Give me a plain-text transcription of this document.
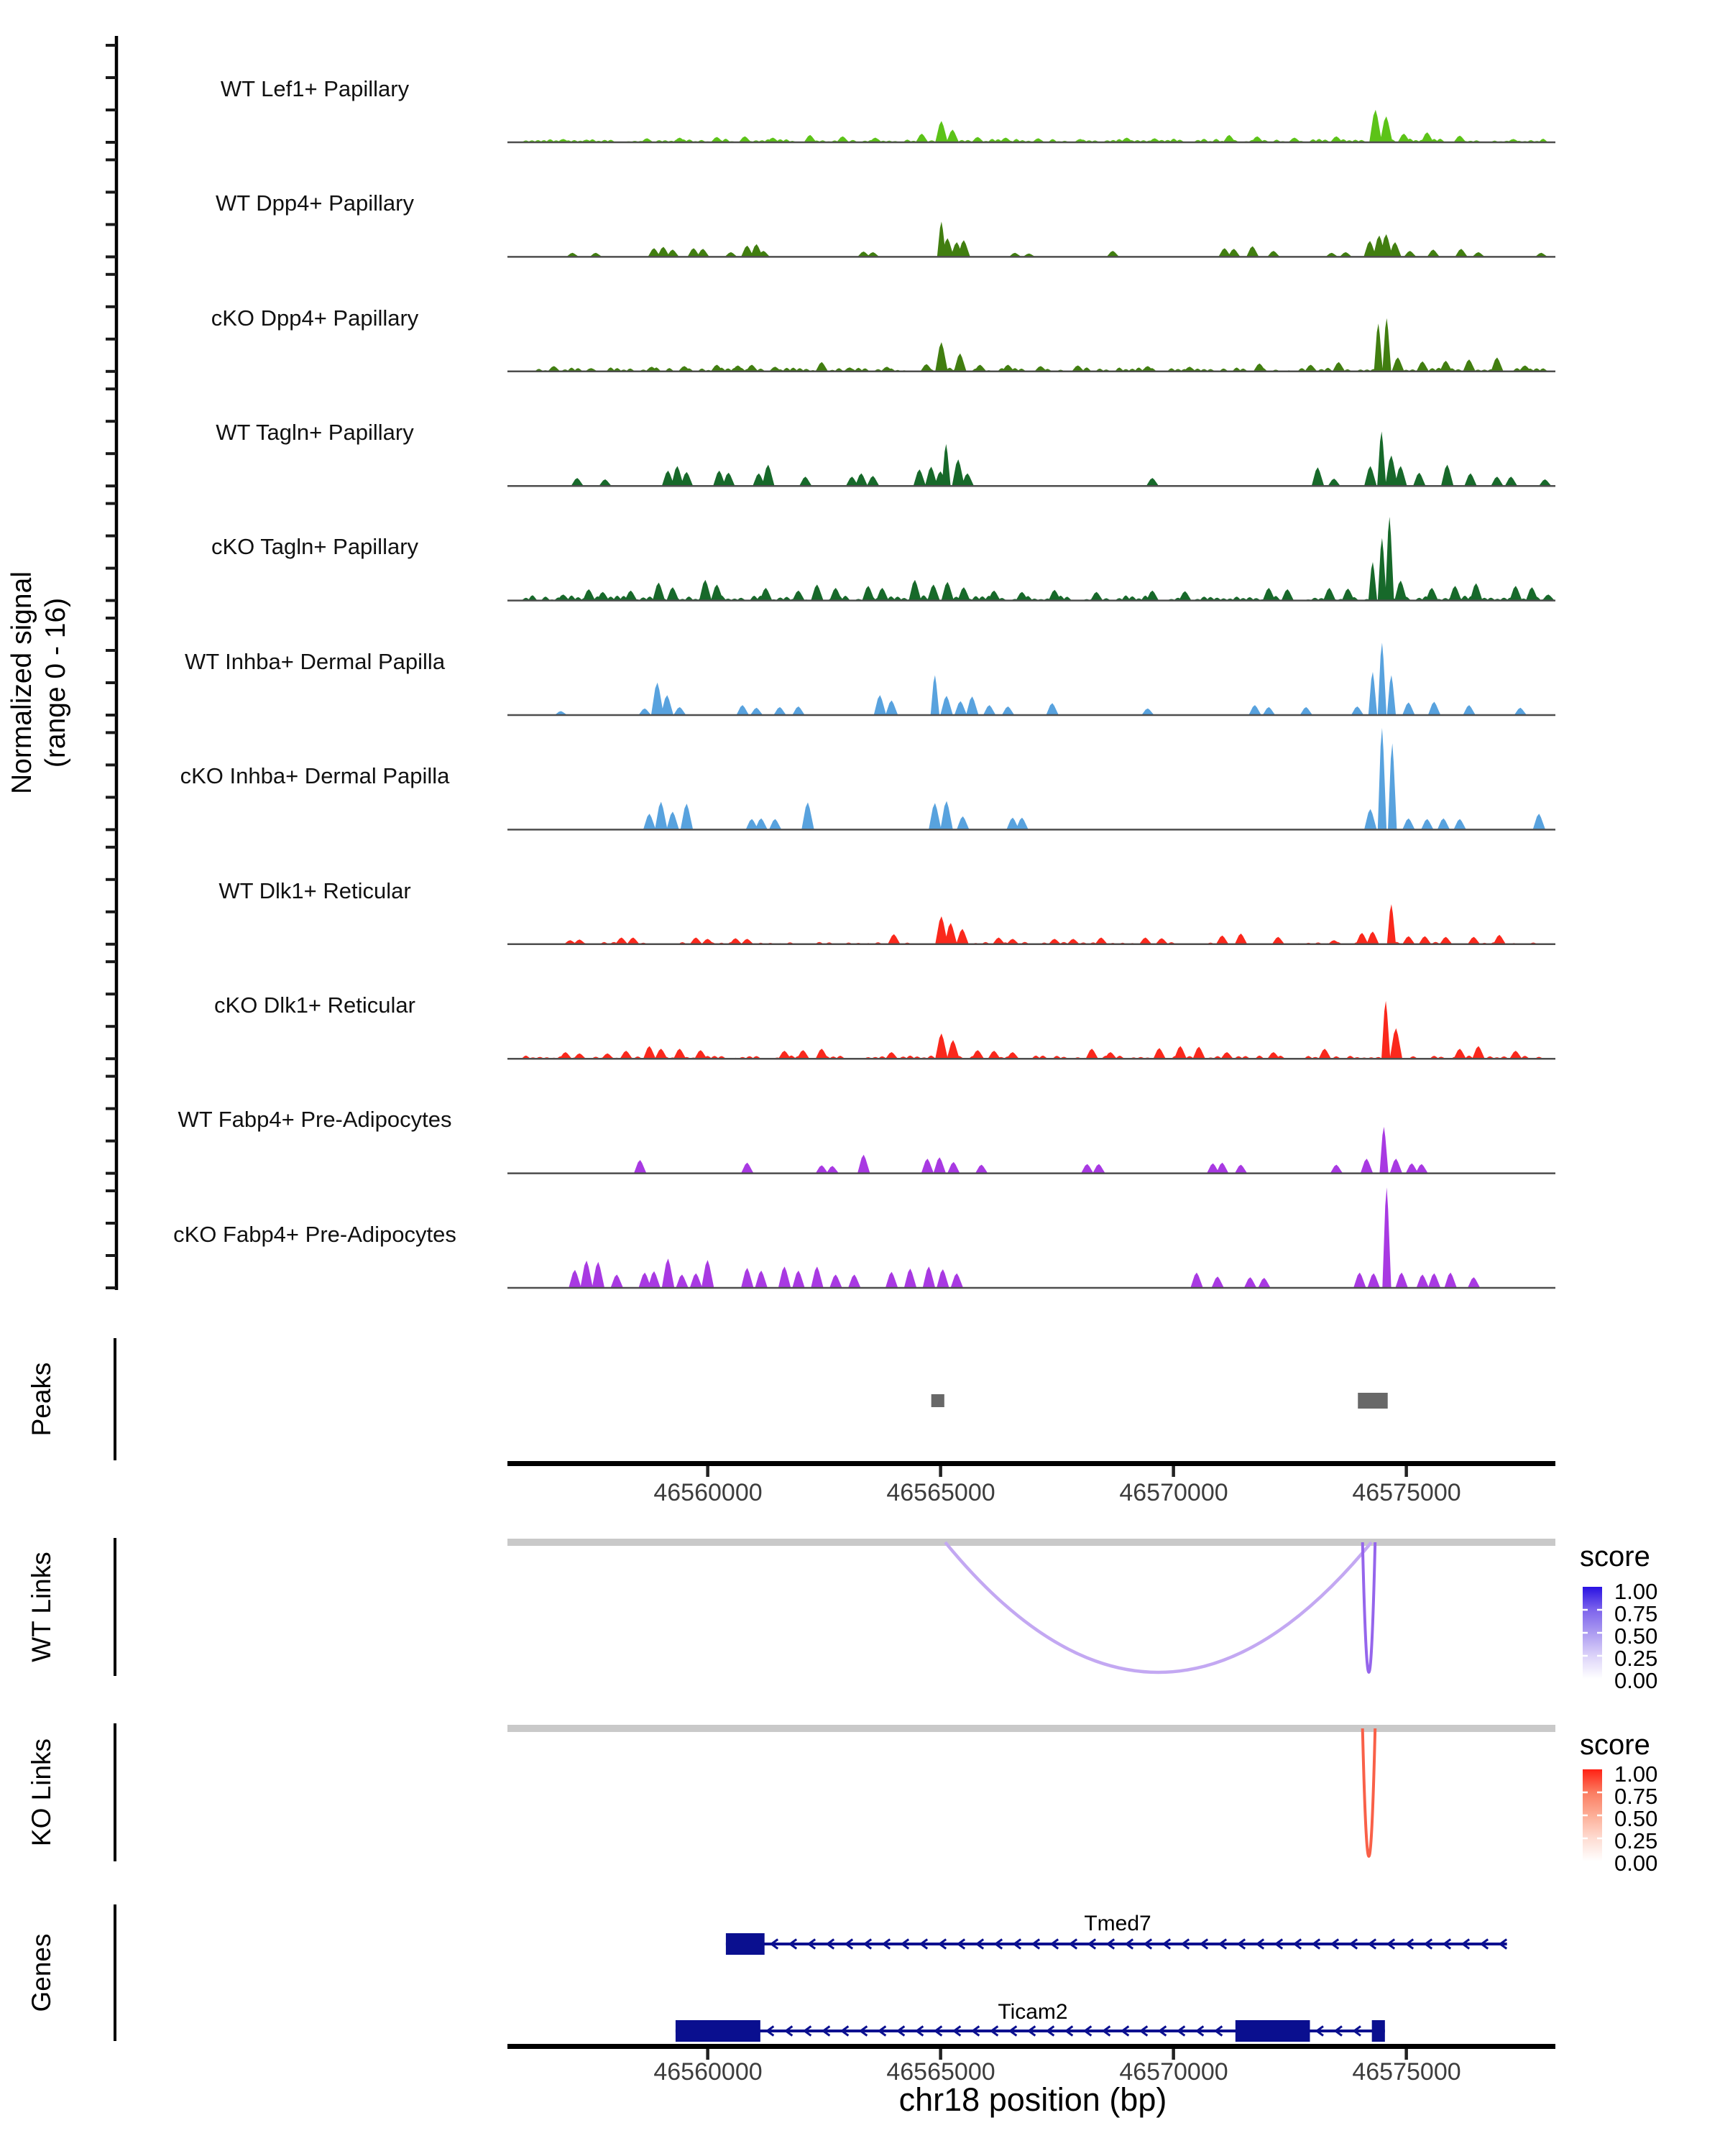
Normalized signal (range 0 - 16)
WT Lef1+ Papillary
WT Dpp4+ Papillary
cKO Dpp4+ Papillary
WT Tagln+ Papillary
cKO Tagln+ Papillary
WT Inhba+ Dermal Papilla
cKO Inhba+ Dermal Papilla
WT Dlk1+ Reticular
cKO Dlk1+ Reticular
WT Fabp4+ Pre-Adipocytes
cKO Fabp4+ Pre-Adipocytes
Peaks
WT Links
KO Links
Genes
46560000	46565000	46570000	46575000
score
1.00
0.75
0.50
0.25
0.00
score
1.00
0.75
0.50
0.25
0.00
Tmed7
Ticam2
46560000	46565000	46570000	46575000
chr18 position (bp)
